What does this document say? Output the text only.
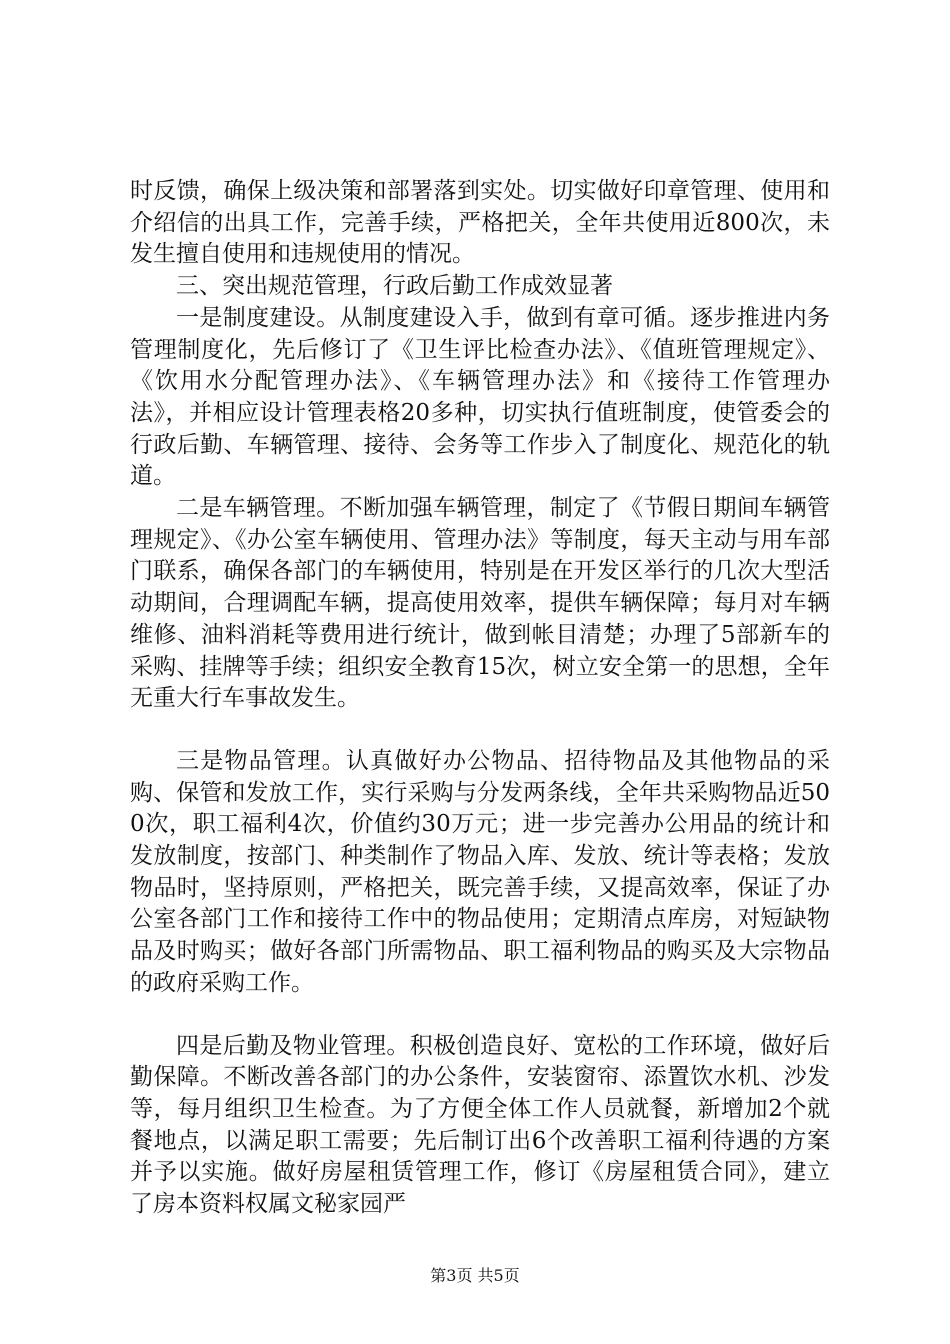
时反馈，确保上级决策和部署落到实处。切实做好印章管理、使用和介绍信的出具工作，完善手续，严格把关，全年共使用近800次，未发生擅自使用和违规使用的情况。

三、突出规范管理，行政后勤工作成效显著

一是制度建设。从制度建设入手，做到有章可循。逐步推进内务管理制度化，先后修订了《卫生评比检查办法》、《值班管理规定》、《饮用水分配管理办法》、《车辆管理办法》和《接待工作管理办法》，并相应设计管理表格20多种，切实执行值班制度，使管委会的行政后勤、车辆管理、接待、会务等工作步入了制度化、规范化的轨道。

二是车辆管理。不断加强车辆管理，制定了《节假日期间车辆管理规定》、《办公室车辆使用、管理办法》等制度，每天主动与用车部门联系，确保各部门的车辆使用，特别是在开发区举行的几次大型活动期间，合理调配车辆，提高使用效率，提供车辆保障；每月对车辆维修、油料消耗等费用进行统计，做到帐目清楚；办理了5部新车的采购、挂牌等手续；组织安全教育15次，树立安全第一的思想，全年无重大行车事故发生。

三是物品管理。认真做好办公物品、招待物品及其他物品的采购、保管和发放工作，实行采购与分发两条线，全年共采购物品近500次，职工福利4次，价值约30万元；进一步完善办公用品的统计和发放制度，按部门、种类制作了物品入库、发放、统计等表格；发放物品时，坚持原则，严格把关，既完善手续，又提高效率，保证了办公室各部门工作和接待工作中的物品使用；定期清点库房，对短缺物品及时购买；做好各部门所需物品、职工福利物品的购买及大宗物品的政府采购工作。

四是后勤及物业管理。积极创造良好、宽松的工作环境，做好后勤保障。不断改善各部门的办公条件，安装窗帘、添置饮水机、沙发等，每月组织卫生检查。为了方便全体工作人员就餐，新增加2个就餐地点，以满足职工需要；先后制订出6个改善职工福利待遇的方案并予以实施。做好房屋租赁管理工作，修订《房屋租赁合同》，建立了房本资料权属文秘家园严

第3页 共5页
